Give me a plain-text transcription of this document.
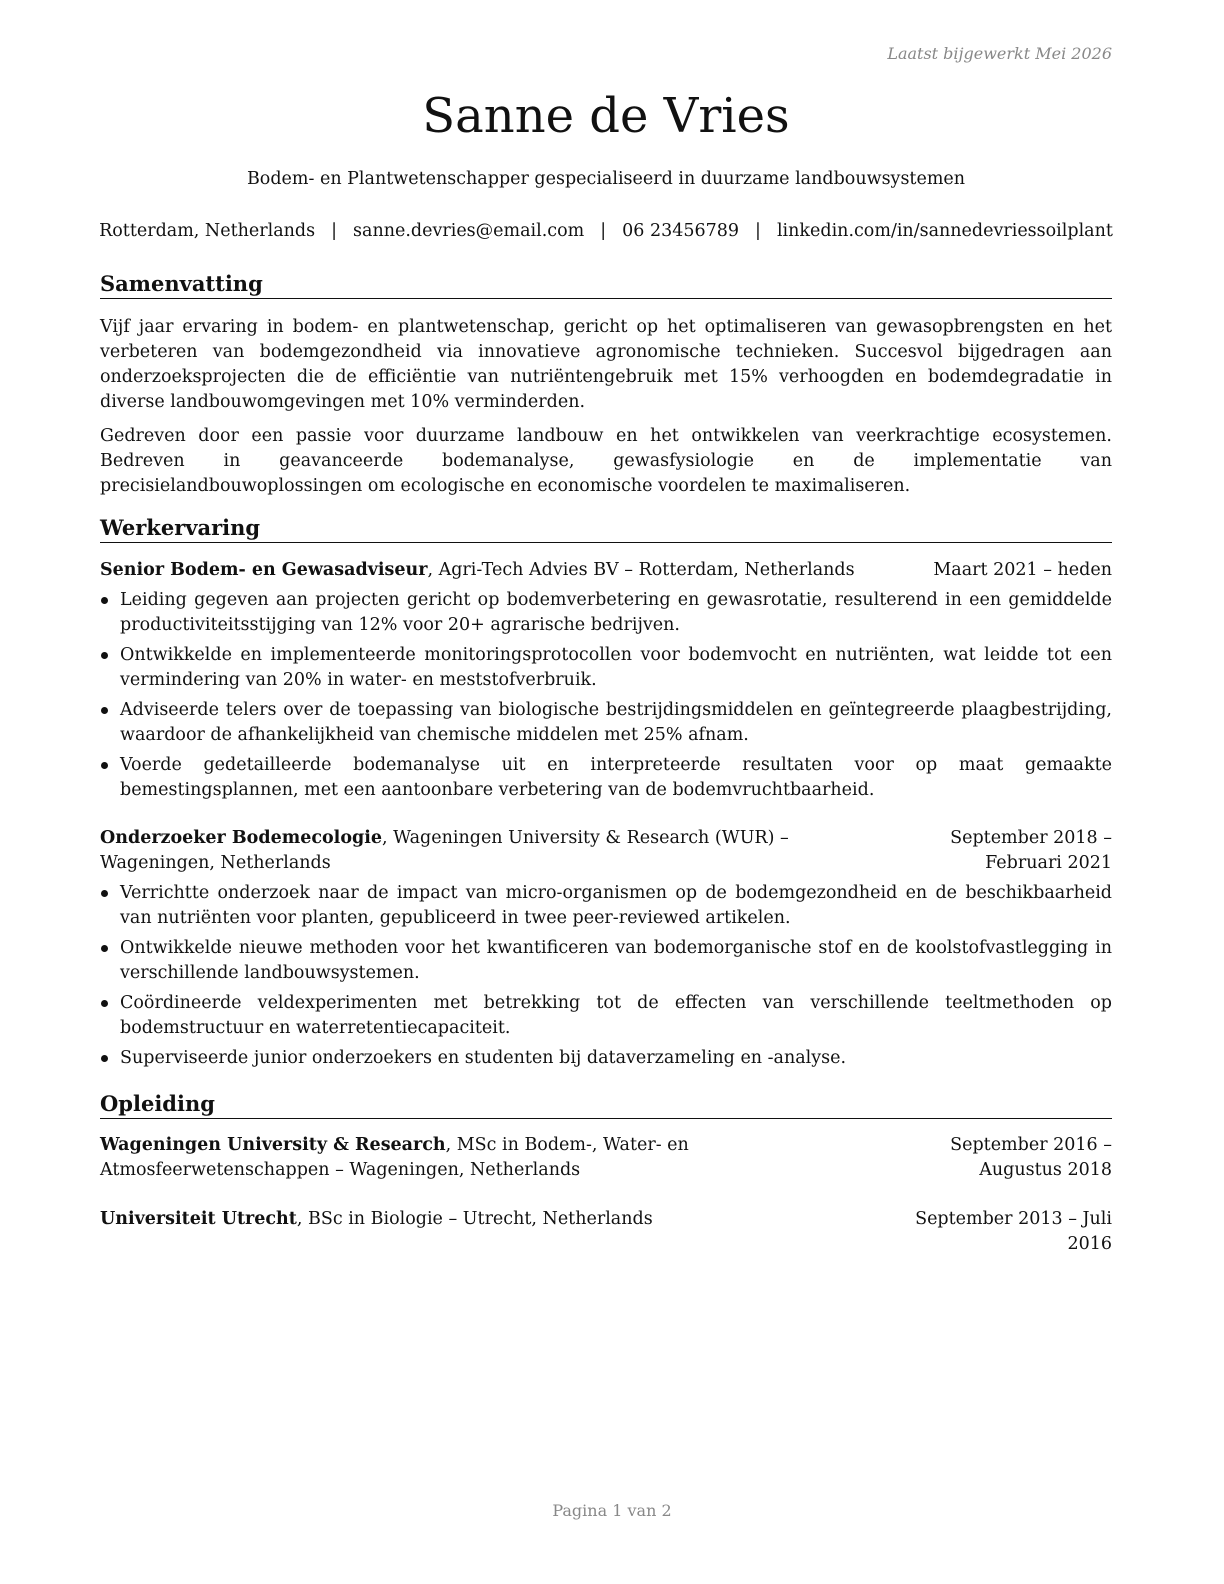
Laatst bijgewerkt Mei 2026
Sanne de Vries
Bodem- en Plantwetenschapper gespecialiseerd in duurzame landbouwsystemen
Rotterdam, Netherlands | sanne.devries@email.com | 06 23456789 | linkedin.com/in/sannedevriessoilplant
Samenvatting

Vijf jaar ervaring in bodem- en plantwetenschap, gericht op het optimaliseren van gewasopbrengsten en het verbeteren van bodemgezondheid via innovatieve agronomische technieken. Succesvol bijgedragen aan onderzoeksprojecten die de efficiëntie van nutriëntengebruik met 15% verhoogden en bodemdegradatie in diverse landbouwomgevingen met 10% verminderden.

Gedreven door een passie voor duurzame landbouw en het ontwikkelen van veerkrachtige ecosystemen. Bedreven in geavanceerde bodemanalyse, gewasfysiologie en de implementatie van precisielandbouwoplossingen om ecologische en economische voordelen te maximaliseren.

Werkervaring
Senior Bodem- en Gewasadviseur, Agri-Tech Advies BV – Rotterdam, Netherlands	Maart 2021 – heden
Leiding gegeven aan projecten gericht op bodemverbetering en gewasrotatie, resulterend in een gemiddelde productiviteitsstijging van 12% voor 20+ agrarische bedrijven.
Ontwikkelde en implementeerde monitoringsprotocollen voor bodemvocht en nutriënten, wat leidde tot een vermindering van 20% in water- en meststofverbruik.
Adviseerde telers over de toepassing van biologische bestrijdingsmiddelen en geïntegreerde plaagbestrijding, waardoor de afhankelijkheid van chemische middelen met 25% afnam.
Voerde gedetailleerde bodemanalyse uit en interpreteerde resultaten voor op maat gemaakte bemestingsplannen, met een aantoonbare verbetering van de bodemvruchtbaarheid.
Onderzoeker Bodemecologie, Wageningen University & Research (WUR) – Wageningen, Netherlands
September 2018 – Februari 2021
Verrichtte onderzoek naar de impact van micro-organismen op de bodemgezondheid en de beschikbaarheid van nutriënten voor planten, gepubliceerd in twee peer-reviewed artikelen.
Ontwikkelde nieuwe methoden voor het kwantificeren van bodemorganische stof en de koolstofvastlegging in verschillende landbouwsystemen.
Coördineerde veldexperimenten met betrekking tot de effecten van verschillende teeltmethoden op bodemstructuur en waterretentiecapaciteit.
Superviseerde junior onderzoekers en studenten bij dataverzameling en -analyse.
Opleiding
Wageningen University & Research, MSc in Bodem-, Water- en Atmosfeerwetenschappen – Wageningen, Netherlands
September 2016 – Augustus 2018
Universiteit Utrecht, BSc in Biologie – Utrecht, Netherlands	September 2013 – Juli 2016
Pagina 1 van 2
